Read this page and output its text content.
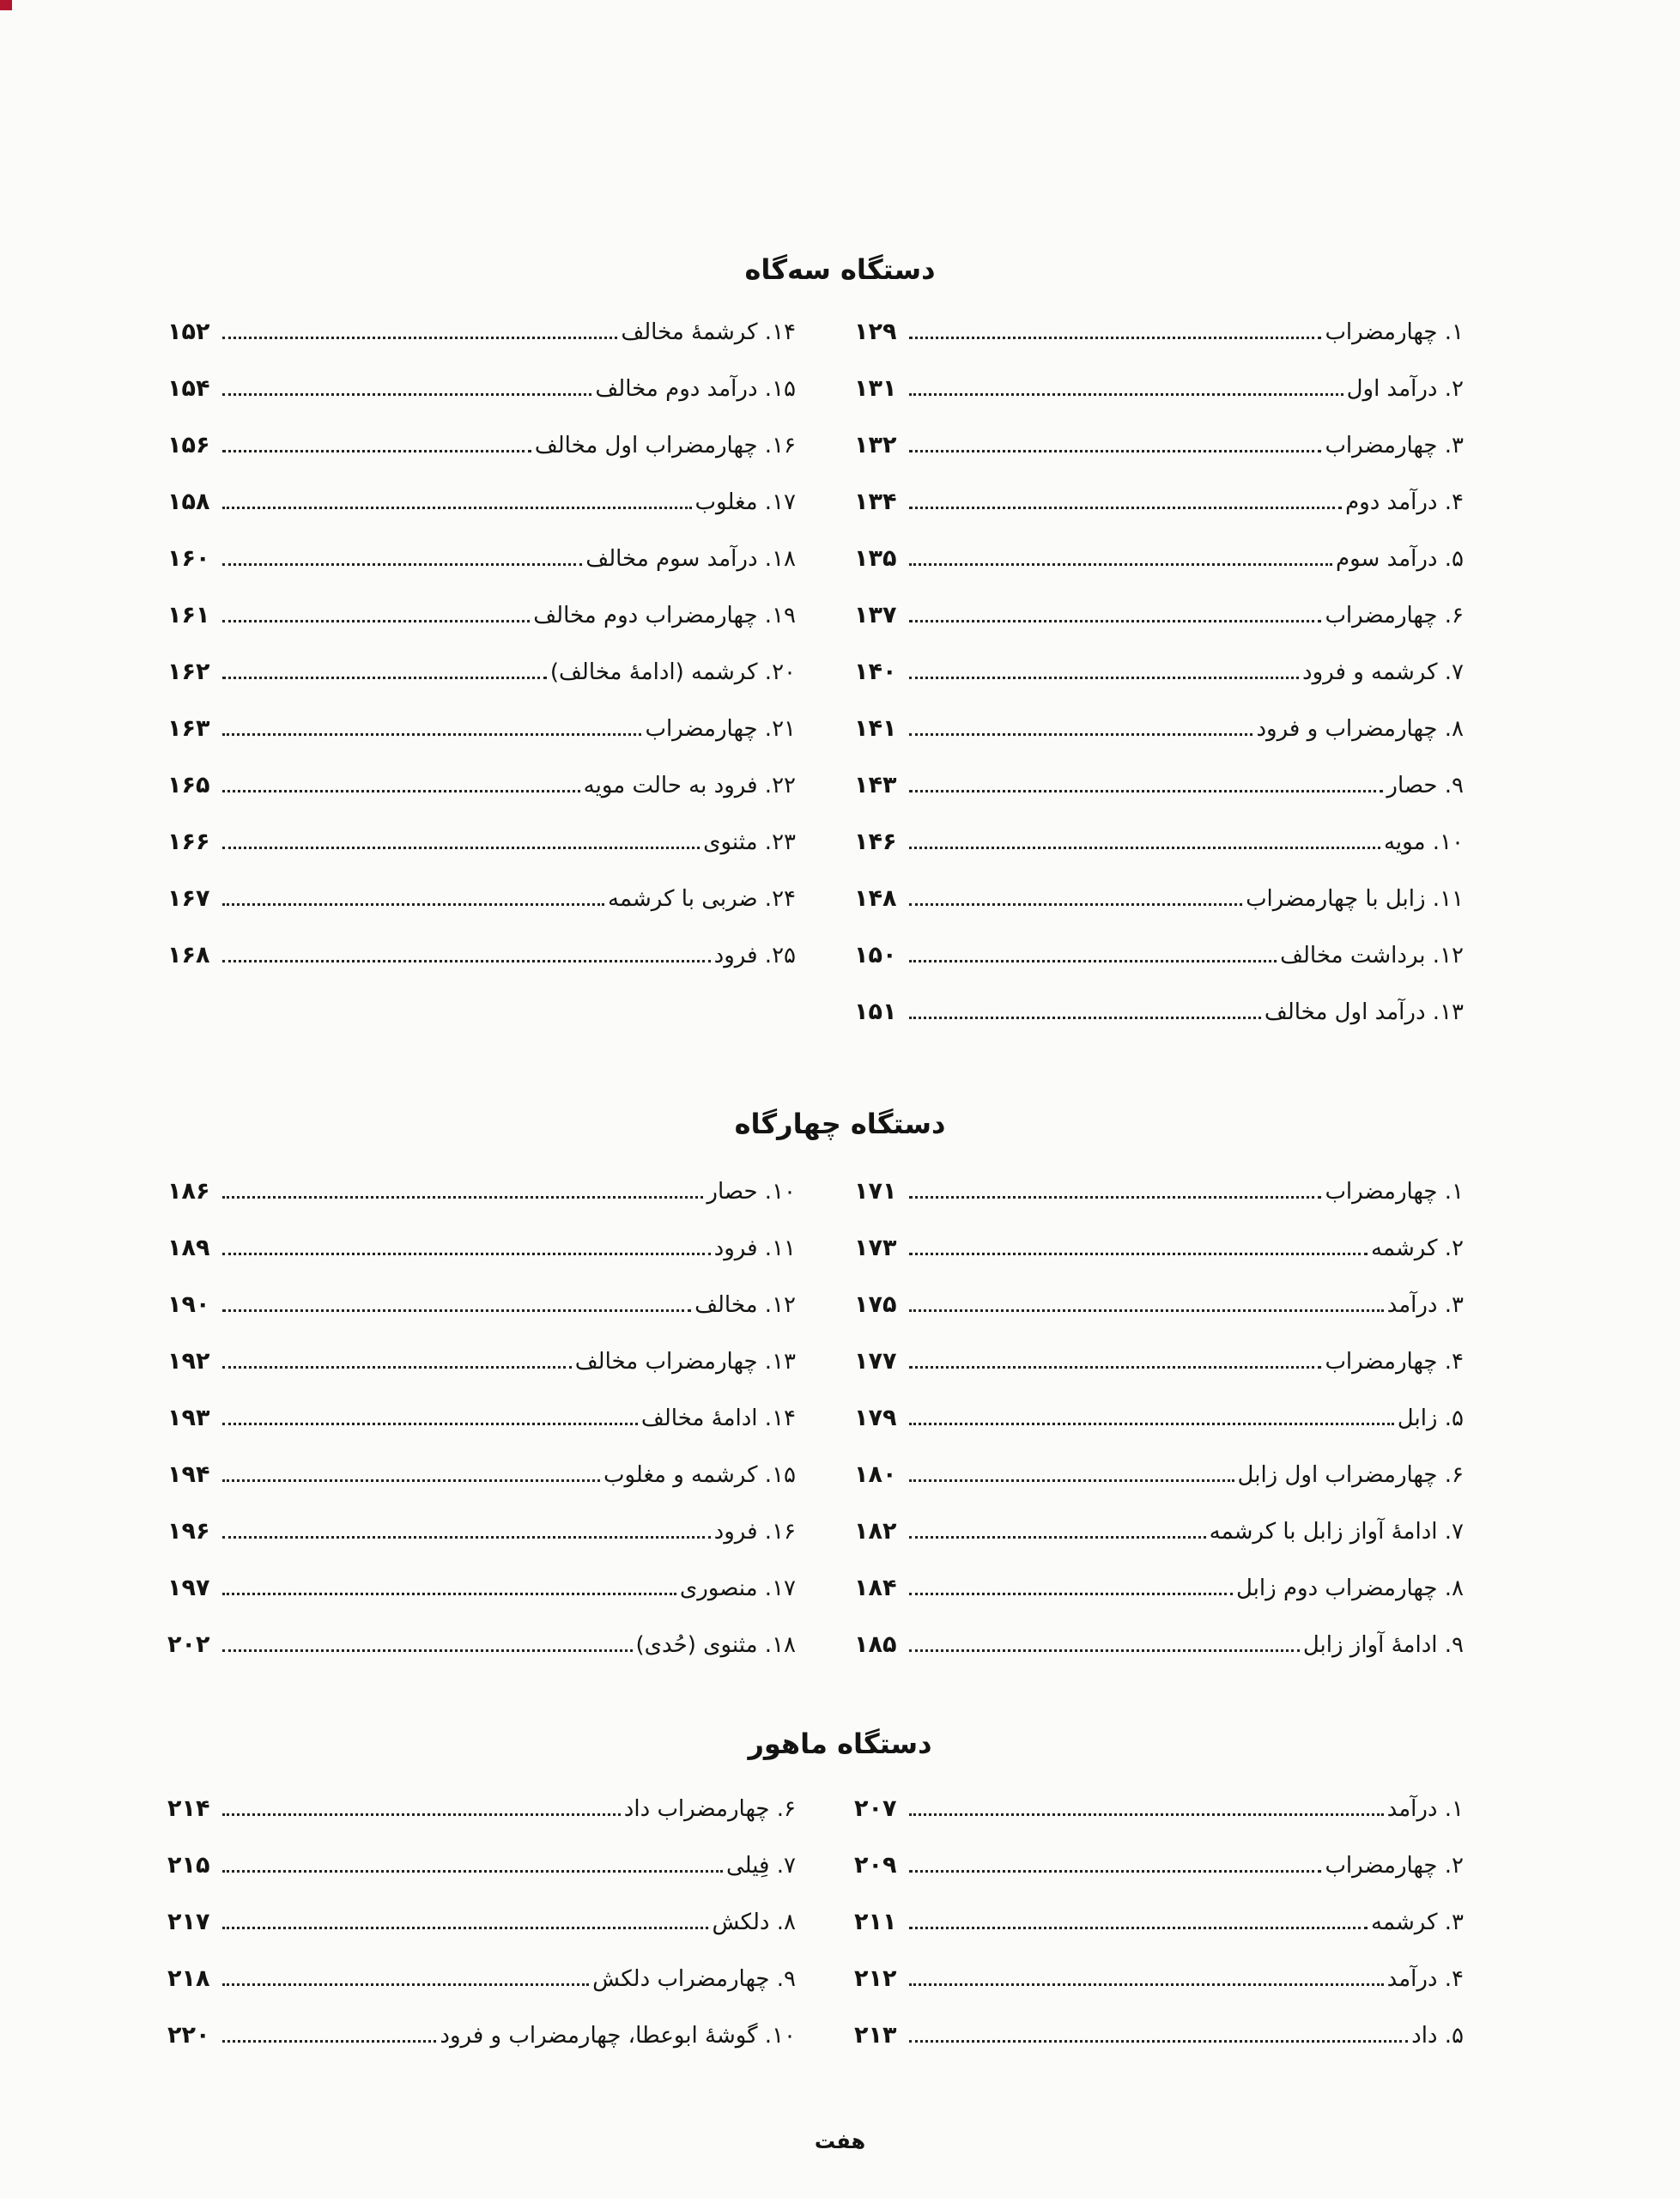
دستگاه سه‌گاه
۱. چهارمضراب
۱۲۹
۲. درآمد اول
۱۳۱
۳. چهارمضراب
۱۳۲
۴. درآمد دوم
۱۳۴
۵. درآمد سوم
۱۳۵
۶. چهارمضراب
۱۳۷
۷. کرشمه و فرود
۱۴۰
۸. چهارمضراب و فرود
۱۴۱
۹. حصار
۱۴۳
۱۰. مویه
۱۴۶
۱۱. زابل با چهارمضراب
۱۴۸
۱۲. برداشت مخالف
۱۵۰
۱۳. درآمد اول مخالف
۱۵۱
۱۴. کرشمهٔ مخالف
۱۵۲
۱۵. درآمد دوم مخالف
۱۵۴
۱۶. چهارمضراب اول مخالف
۱۵۶
۱۷. مغلوب
۱۵۸
۱۸. درآمد سوم مخالف
۱۶۰
۱۹. چهارمضراب دوم مخالف
۱۶۱
۲۰. کرشمه (ادامهٔ مخالف)
۱۶۲
۲۱. چهارمضراب
۱۶۳
۲۲. فرود به حالت مویه
۱۶۵
۲۳. مثنوی
۱۶۶
۲۴. ضربی با کرشمه
۱۶۷
۲۵. فرود
۱۶۸
دستگاه چهارگاه
۱. چهارمضراب
۱۷۱
۲. کرشمه
۱۷۳
۳. درآمد
۱۷۵
۴. چهارمضراب
۱۷۷
۵. زابل
۱۷۹
۶. چهارمضراب اول زابل
۱۸۰
۷. ادامهٔ آواز زابل با کرشمه
۱۸۲
۸. چهارمضراب دوم زابل
۱۸۴
۹. ادامهٔ آواز زابل
۱۸۵
۱۰. حصار
۱۸۶
۱۱. فرود
۱۸۹
۱۲. مخالف
۱۹۰
۱۳. چهارمضراب مخالف
۱۹۲
۱۴. ادامهٔ مخالف
۱۹۳
۱۵. کرشمه و مغلوب
۱۹۴
۱۶. فرود
۱۹۶
۱۷. منصوری
۱۹۷
۱۸. مثنوی (حُدی)
۲۰۲
دستگاه ماهور
۱. درآمد
۲۰۷
۲. چهارمضراب
۲۰۹
۳. کرشمه
۲۱۱
۴. درآمد
۲۱۲
۵. داد
۲۱۳
۶. چهارمضراب داد
۲۱۴
۷. فِیلی
۲۱۵
۸. دلکش
۲۱۷
۹. چهارمضراب دلکش
۲۱۸
۱۰. گوشهٔ ابوعطا، چهارمضراب و فرود
۲۲۰
هفت
